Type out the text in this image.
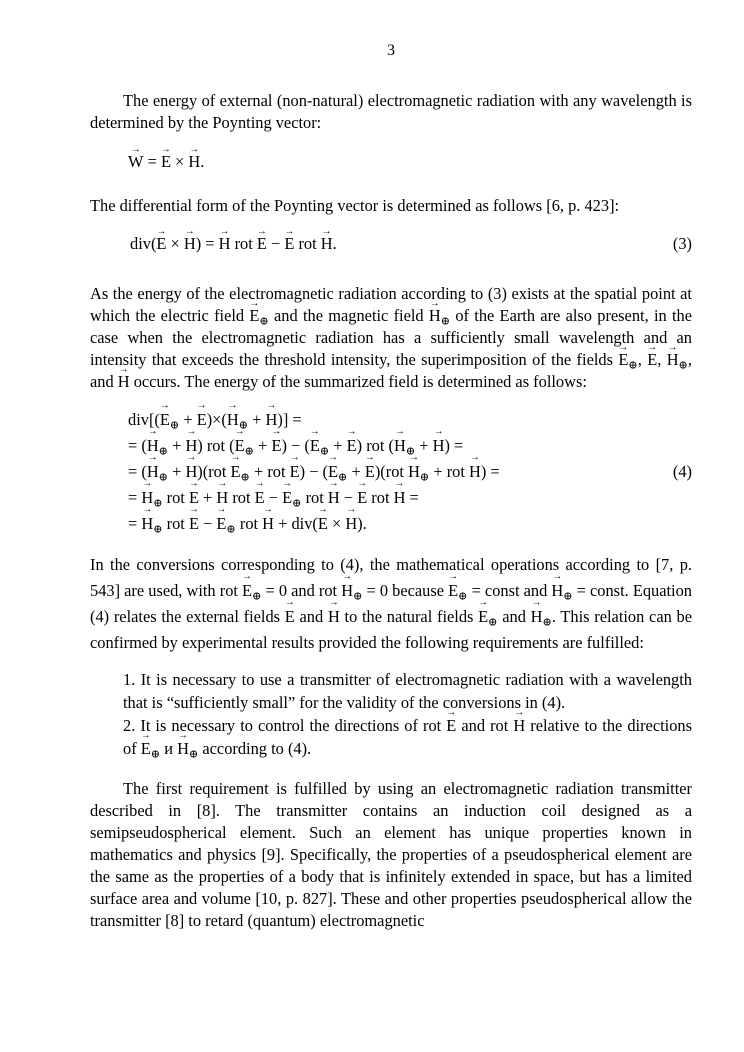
3

The energy of external (non-natural) electromagnetic radiation with any wavelength is determined by the Poynting vector:

W → = E → × H →.

The differential form of the Poynting vector is determined as follows [6, p. 423]:

div(E → × H →) = H → rot E → − E → rot H →.	(3)

As the energy of the electromagnetic radiation according to (3) exists at the spatial point at which the electric field $E \to_\oplus$ and the magnetic field $H \to_\oplus$ of the Earth are also present, in the case when the electromagnetic radiation has a sufficiently small wavelength and an intensity that exceeds the threshold intensity, the superimposition of the fields $E \to_\oplus$, E →, $H \to_\oplus$, and H → occurs. The energy of the summarized field is determined as follows:

$div[(E \to_\oplus + E \to)\times(H \to_\oplus + H$ →)] =
= ($H \to_\oplus + H$ →) rot ($E \to_\oplus + E$ →) − ($E \to_\oplus + E$ →) rot ($H \to_\oplus + H$ →) =
= $(H \to_\oplus + H \to)(rot$ $E \to_\oplus$ + rot E →) − $(E \to_\oplus + E \to)(rot$ $H \to_\oplus$ + rot H →) =
= $H \to_\oplus$ rot E → + H → rot E → − $E \to_\oplus$ rot H → − E → rot H → =
= $H \to_\oplus$ rot E → − $E \to_\oplus$ rot H → + div(E → × H →).
(4)

In the conversions corresponding to (4), the mathematical operations according to [7, p. 543] are used, with rot $E \to_\oplus = 0$ and rot $H \to_\oplus = 0$ because $E \to_\oplus$ = const and $H \to_\oplus$ = const. Equation (4) relates the external fields E → and H → to the natural fields $E \to_\oplus$ and $H \to_\oplus$. This relation can be confirmed by experimental results provided the following requirements are fulfilled:

1. It is necessary to use a transmitter of electromagnetic radiation with a wavelength that is “sufficiently small” for the validity of the conversions in (4).

2. It is necessary to control the directions of rot E → and rot H → relative to the directions of $E \to_\oplus$ и $H \to_\oplus$ according to (4).

The first requirement is fulfilled by using an electromagnetic radiation transmitter described in [8]. The transmitter contains an induction coil designed as a semipseudospherical element. Such an element has unique properties known in mathematics and physics [9]. Specifically, the properties of a pseudospherical element are the same as the properties of a body that is infinitely extended in space, but has a limited surface area and volume [10, p. 827]. These and other properties pseudospherical allow the transmitter [8] to retard (quantum) electromagnetic
